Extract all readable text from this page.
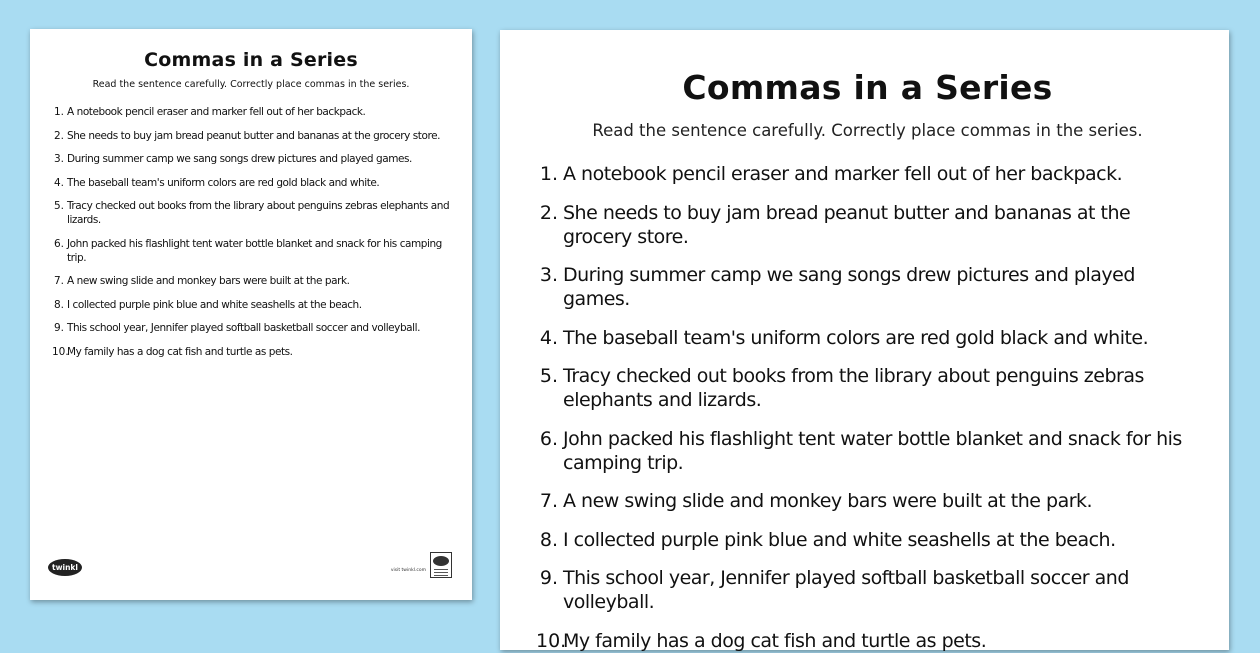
Commas in a Series

Read the sentence carefully. Correctly place commas in the series.

1. A notebook pencil eraser and marker fell out of her backpack.
2. She needs to buy jam bread peanut butter and bananas at the grocery store.
3. During summer camp we sang songs drew pictures and played games.
4. The baseball team's uniform colors are red gold black and white.
5. Tracy checked out books from the library about penguins zebras elephants and lizards.
6. John packed his flashlight tent water bottle blanket and snack for his camping trip.
7. A new swing slide and monkey bars were built at the park.
8. I collected purple pink blue and white seashells at the beach.
9. This school year, Jennifer played softball basketball soccer and volleyball.
10.
My family has a dog cat fish and turtle as pets.
twinkl	visit twinkl.com
Commas in a Series

Read the sentence carefully. Correctly place commas in the series.

1. A notebook pencil eraser and marker fell out of her backpack.
2. She needs to buy jam bread peanut butter and bananas at the grocery store.
3. During summer camp we sang songs drew pictures and played games.
4. The baseball team's uniform colors are red gold black and white.
5. Tracy checked out books from the library about penguins zebras elephants and lizards.
6. John packed his flashlight tent water bottle blanket and snack for his camping trip.
7. A new swing slide and monkey bars were built at the park.
8. I collected purple pink blue and white seashells at the beach.
9. This school year, Jennifer played softball basketball soccer and volleyball.
10.
My family has a dog cat fish and turtle as pets.
